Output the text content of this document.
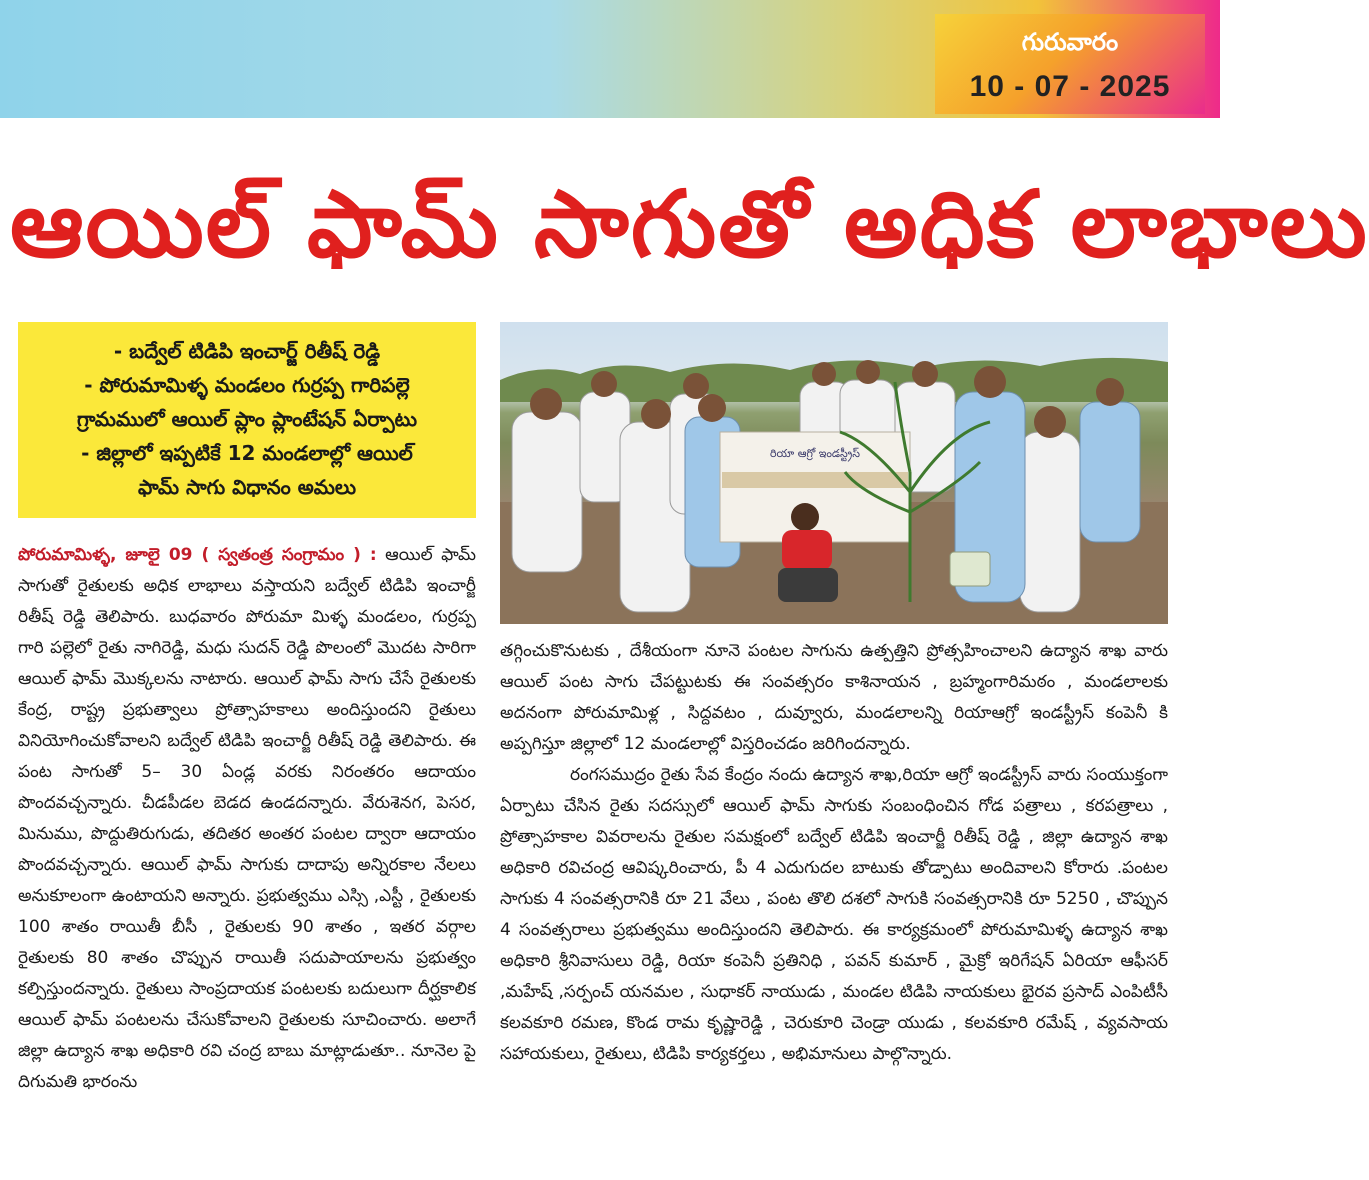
గురువారం
10 - 07 - 2025
ఆయిల్ ఫామ్ సాగుతో అధిక లాభాలు
- బద్వేల్ టిడిపి ఇంచార్జ్ రితీష్ రెడ్డి
- పోరుమామిళ్ళ మండలం గుర్రప్ప గారిపల్లె
గ్రామములో ఆయిల్ ప్లాం ప్లాంటేషన్ ఏర్పాటు
- జిల్లాలో ఇప్పటికే 12 మండలాల్లో ఆయిల్
ఫామ్ సాగు విధానం అమలు
రియా ఆగ్రో ఇండస్ట్రీస్
పోరుమామిళ్ళ, జూలై 09 ( స్వతంత్ర సంగ్రామం ) : ఆయిల్ ఫామ్ సాగుతో రైతులకు అధిక లాభాలు వస్తాయని బద్వేల్ టిడిపి ఇంచార్జీ రితీష్ రెడ్డి తెలిపారు. బుధవారం పోరుమా మిళ్ళ మండలం, గుర్రప్ప గారి పల్లెలో రైతు నాగిరెడ్డి, మధు సుదన్ రెడ్డి పొలంలో మొదట సారిగా ఆయిల్ ఫామ్ మొక్కలను నాటారు. ఆయిల్ ఫామ్ సాగు చేసే రైతులకు కేంద్ర, రాష్ట్ర ప్రభుత్వాలు ప్రోత్సాహకాలు అందిస్తుందని రైతులు వినియోగించుకోవాలని బద్వేల్ టిడిపి ఇంచార్జీ రితీష్ రెడ్డి తెలిపారు. ఈ పంట సాగుతో 5– 30 ఏండ్ల వరకు నిరంతరం ఆదాయం పొందవచ్చన్నారు. చీడపీడల బెడద ఉండదన్నారు. వేరుశెనగ, పెసర, మినుము, పొద్దుతిరుగుడు, తదితర అంతర పంటల ద్వారా ఆదాయం పొందవచ్చన్నారు. ఆయిల్ ఫామ్ సాగుకు దాదాపు అన్నిరకాల నేలలు అనుకూలంగా ఉంటాయని అన్నారు. ప్రభుత్వము ఎస్సి ,ఎస్టీ , రైతులకు 100 శాతం రాయితీ బీసీ , రైతులకు 90 శాతం , ఇతర వర్గాల రైతులకు 80 శాతం చొప్పున రాయితీ సదుపాయాలను ప్రభుత్వం కల్పిస్తుందన్నారు. రైతులు సాంప్రదాయక పంటలకు బదులుగా దీర్ఘకాలిక ఆయిల్ ఫామ్ పంటలను చేసుకోవాలని రైతులకు సూచించారు. అలాగే జిల్లా ఉద్యాన శాఖ అధికారి రవి చంద్ర బాబు మాట్లాడుతూ.. నూనెల పై దిగుమతి భారంను

తగ్గించుకొనుటకు , దేశీయంగా నూనె పంటల సాగును ఉత్పత్తిని ప్రోత్సహించాలని ఉద్యాన శాఖ వారు ఆయిల్ పంట సాగు చేపట్టుటకు ఈ సంవత్సరం కాశినాయన , బ్రహ్మంగారిమఠం , మండలాలకు అదనంగా పోరుమామిళ్ల , సిద్దవటం , దువ్వూరు, మండలాలన్ని రియాఆగ్రో ఇండస్ట్రీస్ కంపెనీ కి అప్పగిస్తూ జిల్లాలో 12 మండలాల్లో విస్తరించడం జరిగిందన్నారు.

రంగసముద్రం రైతు సేవ కేంద్రం నందు ఉద్యాన శాఖ,రియా ఆగ్రో ఇండస్ట్రీస్ వారు సంయుక్తంగా ఏర్పాటు చేసిన రైతు సదస్సులో ఆయిల్ ఫామ్ సాగుకు సంబంధించిన గోడ పత్రాలు , కరపత్రాలు , ప్రోత్సాహకాల వివరాలను రైతుల సమక్షంలో బద్వేల్ టిడిపి ఇంచార్జీ రితీష్ రెడ్డి , జిల్లా ఉద్యాన శాఖ అధికారి రవిచంద్ర ఆవిష్కరించారు, పీ 4 ఎదుగుదల బాటుకు తోడ్పాటు అందివాలని కోరారు .పంటల సాగుకు 4 సంవత్సరానికి రూ 21 వేలు , పంట తొలి దశలో సాగుకి సంవత్సరానికి రూ 5250 , చొప్పున 4 సంవత్సరాలు ప్రభుత్వము అందిస్తుందని తెలిపారు. ఈ కార్యక్రమంలో పోరుమామిళ్ళ ఉద్యాన శాఖ అధికారి శ్రీనివాసులు రెడ్డి, రియా కంపెనీ ప్రతినిధి , పవన్ కుమార్ , మైక్రో ఇరిగేషన్ ఏరియా ఆఫీసర్ ,మహేష్ ,సర్పంచ్ యనమల , సుధాకర్ నాయుడు , మండల టిడిపి నాయకులు భైరవ ప్రసాద్ ఎంపిటీసీ కలవకూరి రమణ, కొండ రామ కృష్ణారెడ్డి , చెరుకూరి చెండ్రా యుడు , కలవకూరి రమేష్ , వ్యవసాయ సహాయకులు, రైతులు, టిడిపి కార్యకర్తలు , అభిమానులు పాల్గొన్నారు.
